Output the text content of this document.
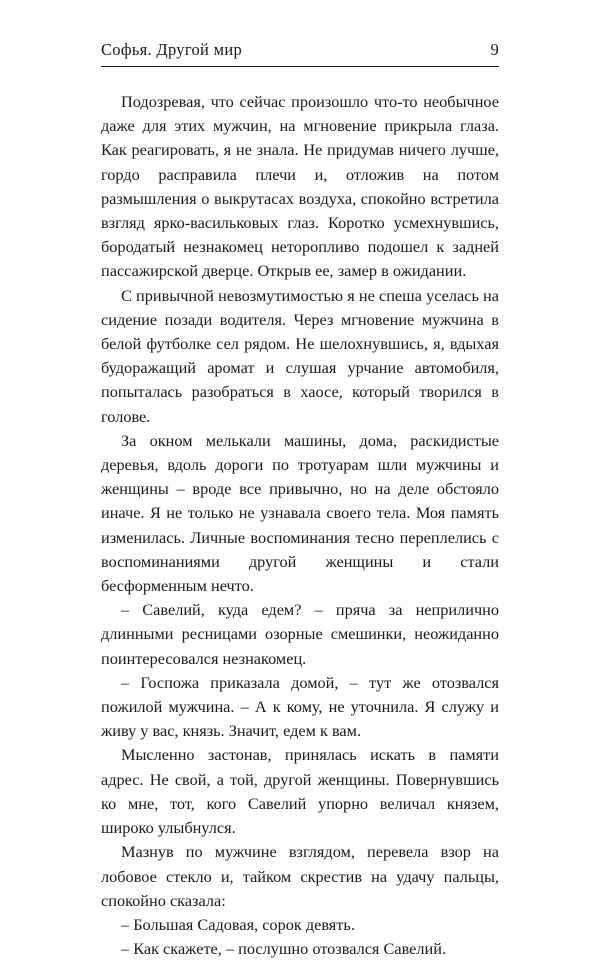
Софья. Другой мир	9

Подозревая, что сейчас произошло что-то необычное даже для этих мужчин, на мгновение прикрыла глаза. Как реагировать, я не знала. Не придумав ничего лучше, гордо расправила плечи и, отложив на потом размышления о выкрутасах воздуха, спокойно встретила взгляд ярко-васильковых глаз. Коротко усмехнувшись, бородатый незнакомец неторопливо подошел к задней пассажирской дверце. Открыв ее, замер в ожидании.

С привычной невозмутимостью я не спеша уселась на сидение позади водителя. Через мгновение мужчина в белой футболке сел рядом. Не шелохнувшись, я, вдыхая будоражащий аромат и слушая урчание автомобиля, попыталась разобраться в хаосе, который творился в голове.

За окном мелькали машины, дома, раскидистые деревья, вдоль дороги по тротуарам шли мужчины и женщины – вроде все привычно, но на деле обстояло иначе. Я не только не узнавала своего тела. Моя память изменилась. Личные воспоминания тесно переплелись с воспоминаниями другой женщины и стали бесформенным нечто.

– Савелий, куда едем? – пряча за неприлично длинными ресницами озорные смешинки, неожиданно поинтересовался незнакомец.

– Госпожа приказала домой, – тут же отозвался пожилой мужчина. – А к кому, не уточнила. Я служу и живу у вас, князь. Значит, едем к вам.

Мысленно застонав, принялась искать в памяти адрес. Не свой, а той, другой женщины. Повернувшись ко мне, тот, кого Савелий упорно величал князем, широко улыбнулся.

Мазнув по мужчине взглядом, перевела взор на лобовое стекло и, тайком скрестив на удачу пальцы, спокойно сказала:

– Большая Садовая, сорок девять.

– Как скажете, – послушно отозвался Савелий.
